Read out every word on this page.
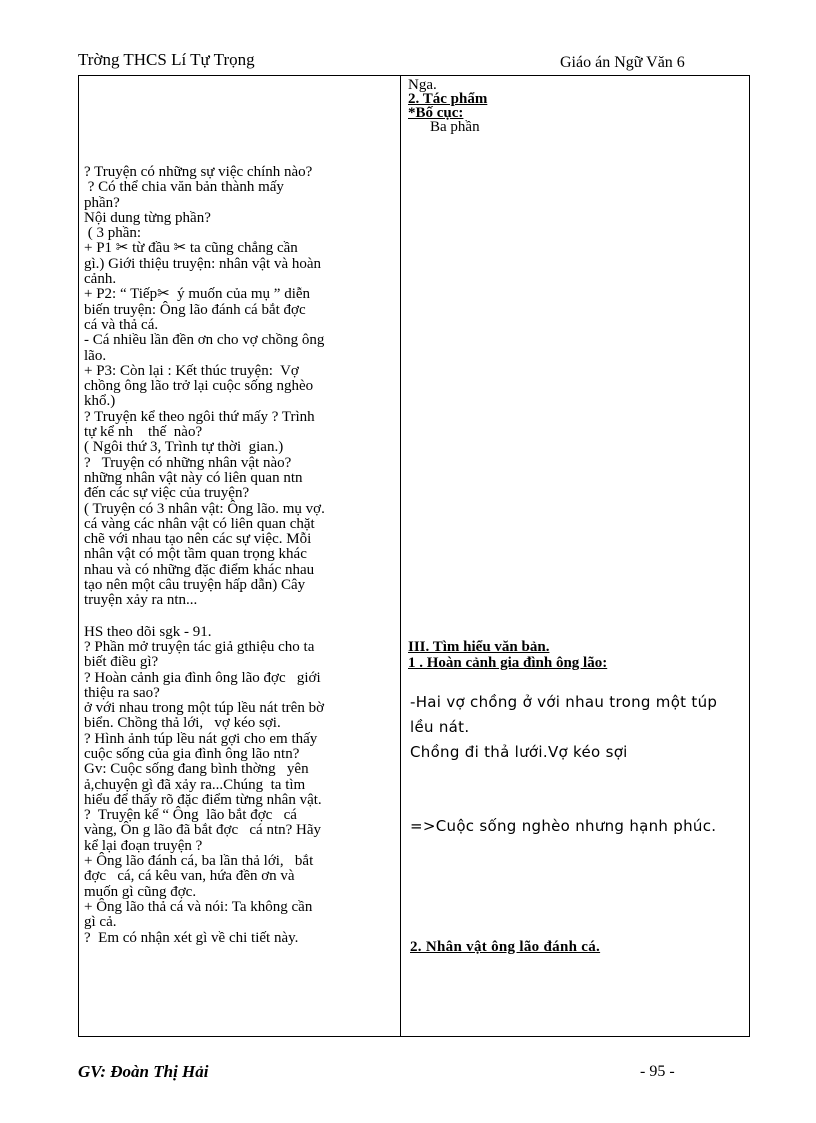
Trờng THCS Lí Tự Trọng	Giáo án Ngữ Văn 6
? Truyện có những sự việc chính nào?
? Có thể chia văn bản thành mấy
phần?
Nội dung từng phần?
( 3 phần:
+ P1 ✂ từ đầu ✂ ta cũng chẳng cần
gì.) Giới thiệu truyện: nhân vật và hoàn
cảnh.
+ P2: “ Tiếp✂  ý muốn của mụ ” diễn
biến truyện: Ông lão đánh cá bắt đợc
cá và thả cá.
- Cá nhiều lần đền ơn cho vợ chồng ông
lão.
+ P3: Còn lại : Kết thúc truyện:  Vợ
chồng ông lão trở lại cuộc sống nghèo
khổ.)
? Truyện kể theo ngôi thứ mấy ? Trình
tự kể nh    thế  nào?
( Ngôi thứ 3, Trình tự thời  gian.)
?   Truyện có những nhân vật nào?
những nhân vật này có liên quan ntn
đến các sự việc của truyện?
( Truyện có 3 nhân vật: Ông lão. mụ vợ.
cá vàng các nhân vật có liên quan chặt
chẽ với nhau tạo nên các sự việc. Mỗi
nhân vật có một tầm quan trọng khác
nhau và có những đặc điểm khác nhau
tạo nên một câu truyện hấp dẫn) Cây
truyện xảy ra ntn...
HS theo dõi sgk - 91.
? Phần mở truyện tác giả gthiệu cho ta
biết điều gì?
? Hoàn cảnh gia đình ông lão đợc   giới
thiệu ra sao?
ở với nhau trong một túp lều nát trên bờ
biển. Chồng thả lới,   vợ kéo sợi.
? Hình ảnh túp lều nát gợi cho em thấy
cuộc sống của gia đình ông lão ntn?
Gv: Cuộc sống đang bình thờng   yên
ả,chuyện gì đã xảy ra...Chúng  ta tìm
hiểu để thấy rõ đặc điểm từng nhân vật.
?  Truyện kể “ Ông  lão bắt đợc   cá
vàng, Ôn g lão đã bắt đợc   cá ntn? Hãy
kể lại đoạn truyện ?
+ Ông lão đánh cá, ba lần thả lới,   bắt
đợc   cá, cá kêu van, hứa đền ơn và
muốn gì cũng đợc.
+ Ông lão thả cá và nói: Ta không cần
gì cả.
?  Em có nhận xét gì về chi tiết này.
Nga.
2. Tác phẩm
*Bố cục:
Ba phần
III. Tìm hiểu văn bản.
1 . Hoàn cảnh gia đình ông lão:
-Hai vợ chồng ở với nhau trong một túp
lều nát.
Chồng đi thả lưới.Vợ kéo sợi
=>Cuộc sống nghèo nhưng hạnh phúc.
2. Nhân vật ông lão đánh cá.
GV: Đoàn Thị Hải	- 95 -
